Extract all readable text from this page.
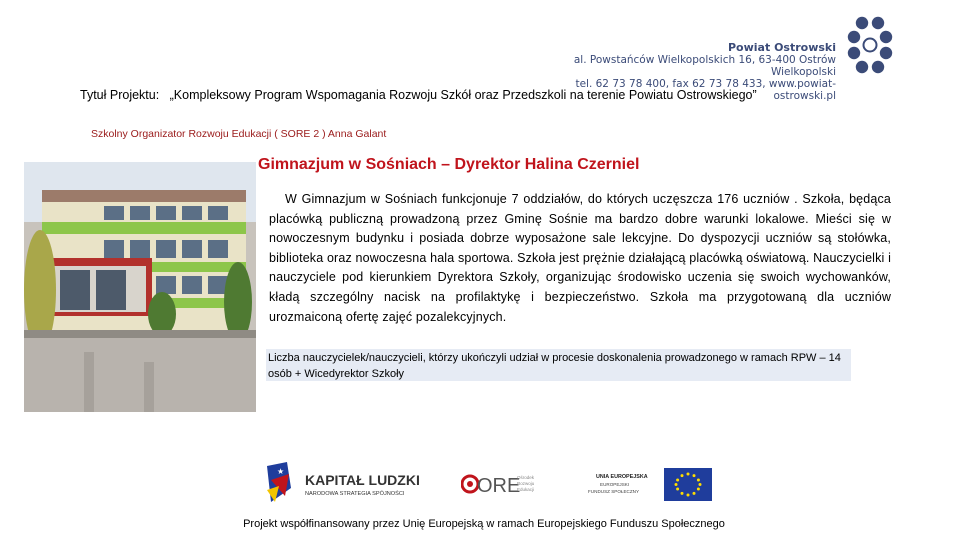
Powiat Ostrowski
al. Powstańców Wielkopolskich 16, 63-400 Ostrów Wielkopolski
tel. 62 73 78 400, fax 62 73 78 433, www.powiat-ostrowski.pl
Tytuł Projektu: „Kompleksowy Program Wspomagania Rozwoju Szkół oraz Przedszkoli na terenie Powiatu Ostrowskiego”
Szkolny Organizator Rozwoju Edukacji ( SORE 2 ) Anna Galant
Gimnazjum w Sośniach – Dyrektor Halina Czerniel

W Gimnazjum w Sośniach funkcjonuje 7 oddziałów, do których uczęszcza 176 uczniów . Szkoła, będąca placówką publiczną prowadzoną przez Gminę Sośnie ma bardzo dobre warunki lokalowe. Mieści się w nowoczesnym budynku i posiada dobrze wyposażone sale lekcyjne. Do dyspozycji uczniów są stołówka, biblioteka oraz nowoczesna hala sportowa. Szkoła jest prężnie działającą placówką oświatową. Nauczycielki i nauczyciele pod kierunkiem Dyrektora Szkoły, organizując środowisko uczenia się swoich wychowanków, kładą szczególny nacisk na profilaktykę i bezpieczeństwo. Szkoła ma przygotowaną dla uczniów urozmaiconą ofertę zajęć pozalekcyjnych.

Liczba nauczycielek/nauczycieli, którzy ukończyli udział w procesie doskonalenia prowadzonego w ramach RPW – 14 osób + Wicedyrektor Szkoły
★
KAPITAŁ LUDZKI
NARODOWA STRATEGIA SPÓJNOŚCI	ORE
Ośrodek
Rozwoju
Edukacji
UNIA EUROPEJSKA
EUROPEJSKI
FUNDUSZ SPOŁECZNY
Projekt współfinansowany przez Unię Europejską w ramach Europejskiego Funduszu Społecznego
